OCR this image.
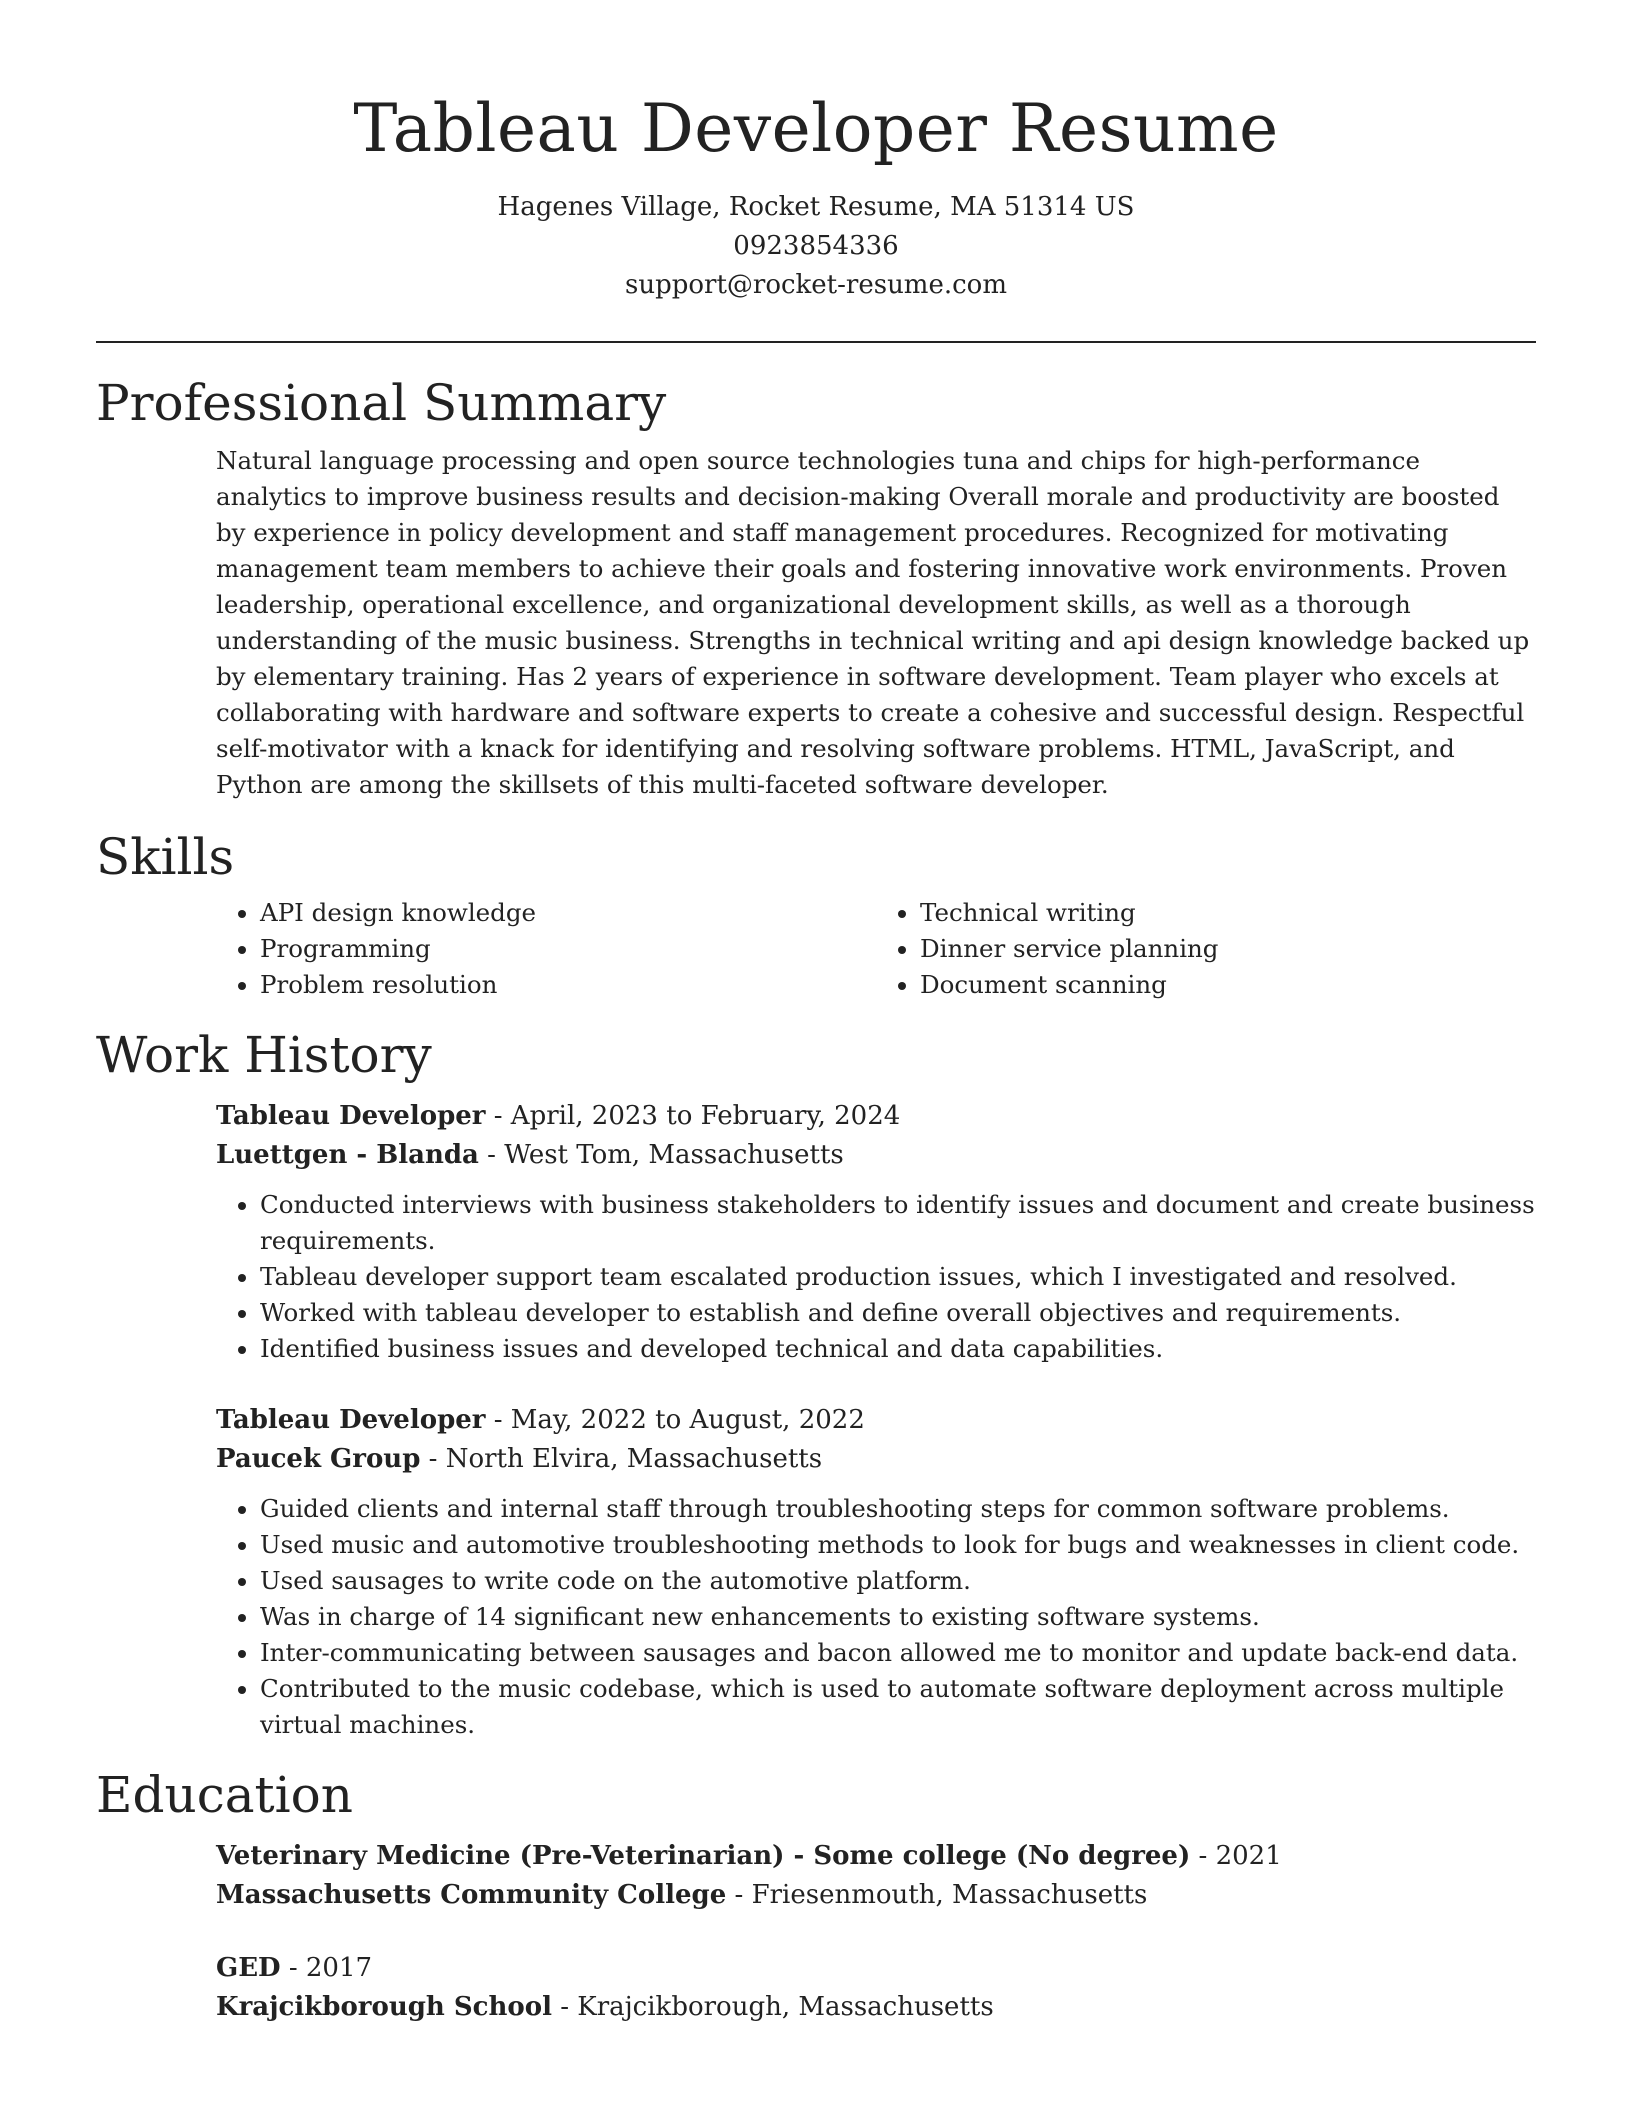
Tableau Developer Resume

Hagenes Village, Rocket Resume, MA 51314 US

0923854336

support@rocket-resume.com

Professional Summary

Natural language processing and open source technologies tuna and chips for high-performance analytics to improve business results and decision-making Overall morale and productivity are boosted by experience in policy development and staff management procedures. Recognized for motivating management team members to achieve their goals and fostering innovative work environments. Proven leadership, operational excellence, and organizational development skills, as well as a thorough understanding of the music business. Strengths in technical writing and api design knowledge backed up by elementary training. Has 2 years of experience in software development. Team player who excels at collaborating with hardware and software experts to create a cohesive and successful design. Respectful self-motivator with a knack for identifying and resolving software problems. HTML, JavaScript, and Python are among the skillsets of this multi-faceted software developer.

Skills
• API design knowledge
• Programming
• Problem resolution
• Technical writing
• Dinner service planning
• Document scanning
Work History

Tableau Developer - April, 2023 to February, 2024

Luettgen - Blanda - West Tom, Massachusetts

• Conducted interviews with business stakeholders to identify issues and document and create business requirements.
• Tableau developer support team escalated production issues, which I investigated and resolved.
• Worked with tableau developer to establish and define overall objectives and requirements.
• Identified business issues and developed technical and data capabilities.

Tableau Developer - May, 2022 to August, 2022

Paucek Group - North Elvira, Massachusetts

• Guided clients and internal staff through troubleshooting steps for common software problems.
• Used music and automotive troubleshooting methods to look for bugs and weaknesses in client code.
• Used sausages to write code on the automotive platform.
• Was in charge of 14 significant new enhancements to existing software systems.
• Inter-communicating between sausages and bacon allowed me to monitor and update back-end data.
• Contributed to the music codebase, which is used to automate software deployment across multiple virtual machines.
Education

Veterinary Medicine (Pre-Veterinarian) - Some college (No degree) - 2021

Massachusetts Community College - Friesenmouth, Massachusetts

GED - 2017

Krajcikborough School - Krajcikborough, Massachusetts
